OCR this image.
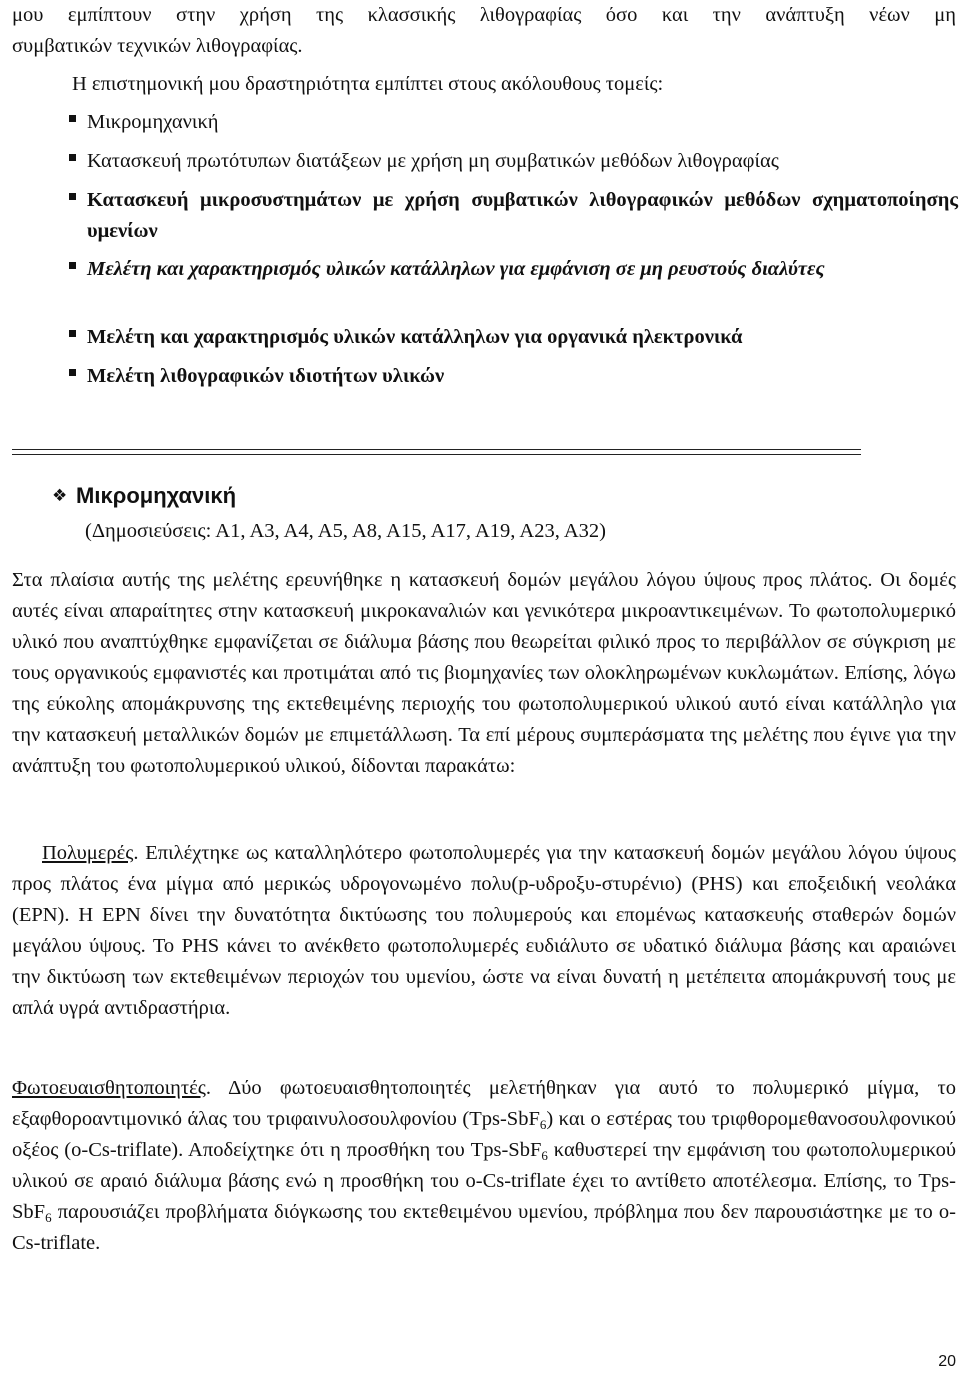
μου εμπίπτουν στην χρήση της κλασσικής λιθογραφίας όσο και την ανάπτυξη νέων μη

συμβατικών τεχνικών λιθογραφίας.

Η επιστημονική μου δραστηριότητα εμπίπτει στους ακόλουθους τομείς:

Μικρομηχανική
Κατασκευή πρωτότυπων διατάξεων με χρήση μη συμβατικών μεθόδων λιθογραφίας
Κατασκευή μικροσυστημάτων με χρήση συμβατικών λιθογραφικών μεθόδων σχηματοποίησης υμενίων
Μελέτη και χαρακτηρισμός υλικών κατάλληλων για εμφάνιση σε μη ρευστούς διαλύτες
Μελέτη και χαρακτηρισμός υλικών κατάλληλων για οργανικά ηλεκτρονικά
Μελέτη λιθογραφικών ιδιοτήτων υλικών
❖ Μικρομηχανική
(Δημοσιεύσεις: Α1, Α3, Α4, Α5, Α8, Α15, Α17, Α19, Α23, Α32)

Στα πλαίσια αυτής της μελέτης ερευνήθηκε η κατασκευή δομών μεγάλου λόγου ύψους προς πλάτος. Οι δομές αυτές είναι απαραίτητες στην κατασκευή μικροκαναλιών και γενικότερα μικροαντικειμένων. Το φωτοπολυμερικό υλικό που αναπτύχθηκε εμφανίζεται σε διάλυμα βάσης που θεωρείται φιλικό προς το περιβάλλον σε σύγκριση με τους οργανικούς εμφανιστές και προτιμάται από τις βιομηχανίες των ολοκληρωμένων κυκλωμάτων. Επίσης, λόγω της εύκολης απομάκρυνσης της εκτεθειμένης περιοχής του φωτοπολυμερικού υλικού αυτό είναι κατάλληλο για την κατασκευή μεταλλικών δομών με επιμετάλλωση. Τα επί μέρους συμπεράσματα της μελέτης που έγινε για την ανάπτυξη του φωτοπολυμερικού υλικού, δίδονται παρακάτω:

Πολυμερές. Επιλέχτηκε ως καταλληλότερο φωτοπολυμερές για την κατασκευή δομών μεγάλου λόγου ύψους προς πλάτος ένα μίγμα από μερικώς υδρογονωμένο πολυ(p-υδροξυ-στυρένιο) (PHS) και εποξειδική νεολάκα (EPN). Η EPN δίνει την δυνατότητα δικτύωσης του πολυμερούς και επομένως κατασκευής σταθερών δομών μεγάλου ύψους. Το PHS κάνει το ανέκθετο φωτοπολυμερές ευδιάλυτο σε υδατικό διάλυμα βάσης και αραιώνει την δικτύωση των εκτεθειμένων περιοχών του υμενίου, ώστε να είναι δυνατή η μετέπειτα απομάκρυνσή τους με απλά υγρά αντιδραστήρια.

Φωτοευαισθητοποιητές. Δύο φωτοευαισθητοποιητές μελετήθηκαν για αυτό το πολυμερικό μίγμα, το εξαφθοροαντιμονικό άλας του τριφαινυλοσουλφονίου (Tps-SbF$_6$) και ο εστέρας του τριφθορομεθανοσουλφονικού οξέος (o-Cs-triflate). Αποδείχτηκε ότι η προσθήκη του Tps-SbF$_6$ καθυστερεί την εμφάνιση του φωτοπολυμερικού υλικού σε αραιό διάλυμα βάσης ενώ η προσθήκη του o-Cs-triflate έχει το αντίθετο αποτέλεσμα. Επίσης, το Tps-SbF$_6$ παρουσιάζει προβλήματα διόγκωσης του εκτεθειμένου υμενίου, πρόβλημα που δεν παρουσιάστηκε με το o-Cs-triflate.

20
